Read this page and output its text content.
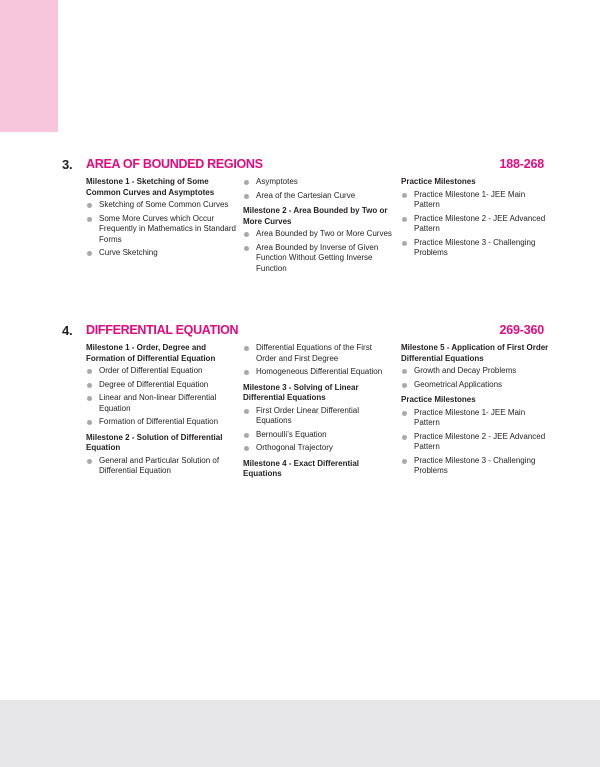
3. AREA OF BOUNDED REGIONS	188-268
Milestone 1 - Sketching of Some Common Curves and Asymptotes
Sketching of Some Common Curves
Some More Curves which Occur Frequently in Mathematics in Standard Forms
Curve Sketching
Asymptotes
Area of the Cartesian Curve
Milestone 2 - Area Bounded by Two or More Curves
Area Bounded by Two or More Curves
Area Bounded by Inverse of Given Function Without Getting Inverse Function
Practice Milestones
Practice Milestone 1- JEE Main Pattern
Practice Milestone 2 - JEE Advanced Pattern
Practice Milestone 3 - Challenging Problems
4. DIFFERENTIAL EQUATION	269-360
Milestone 1 - Order, Degree and Formation of Differential Equation
Order of Differential Equation
Degree of Differential Equation
Linear and Non-linear Differential Equation
Formation of Differential Equation
Milestone 2 - Solution of Differential Equation
General and Particular Solution of Differential Equation
Differential Equations of the First Order and First Degree
Homogeneous Differential Equation
Milestone 3 - Solving of Linear Differential Equations
First Order Linear Differential Equations
Bernoulli’s Equation
Orthogonal Trajectory
Milestone 4 - Exact Differential Equations
Milestone 5 - Application of First Order Differential Equations
Growth and Decay Problems
Geometrical Applications
Practice Milestones
Practice Milestone 1- JEE Main Pattern
Practice Milestone 2 - JEE Advanced Pattern
Practice Milestone 3 - Challenging Problems
